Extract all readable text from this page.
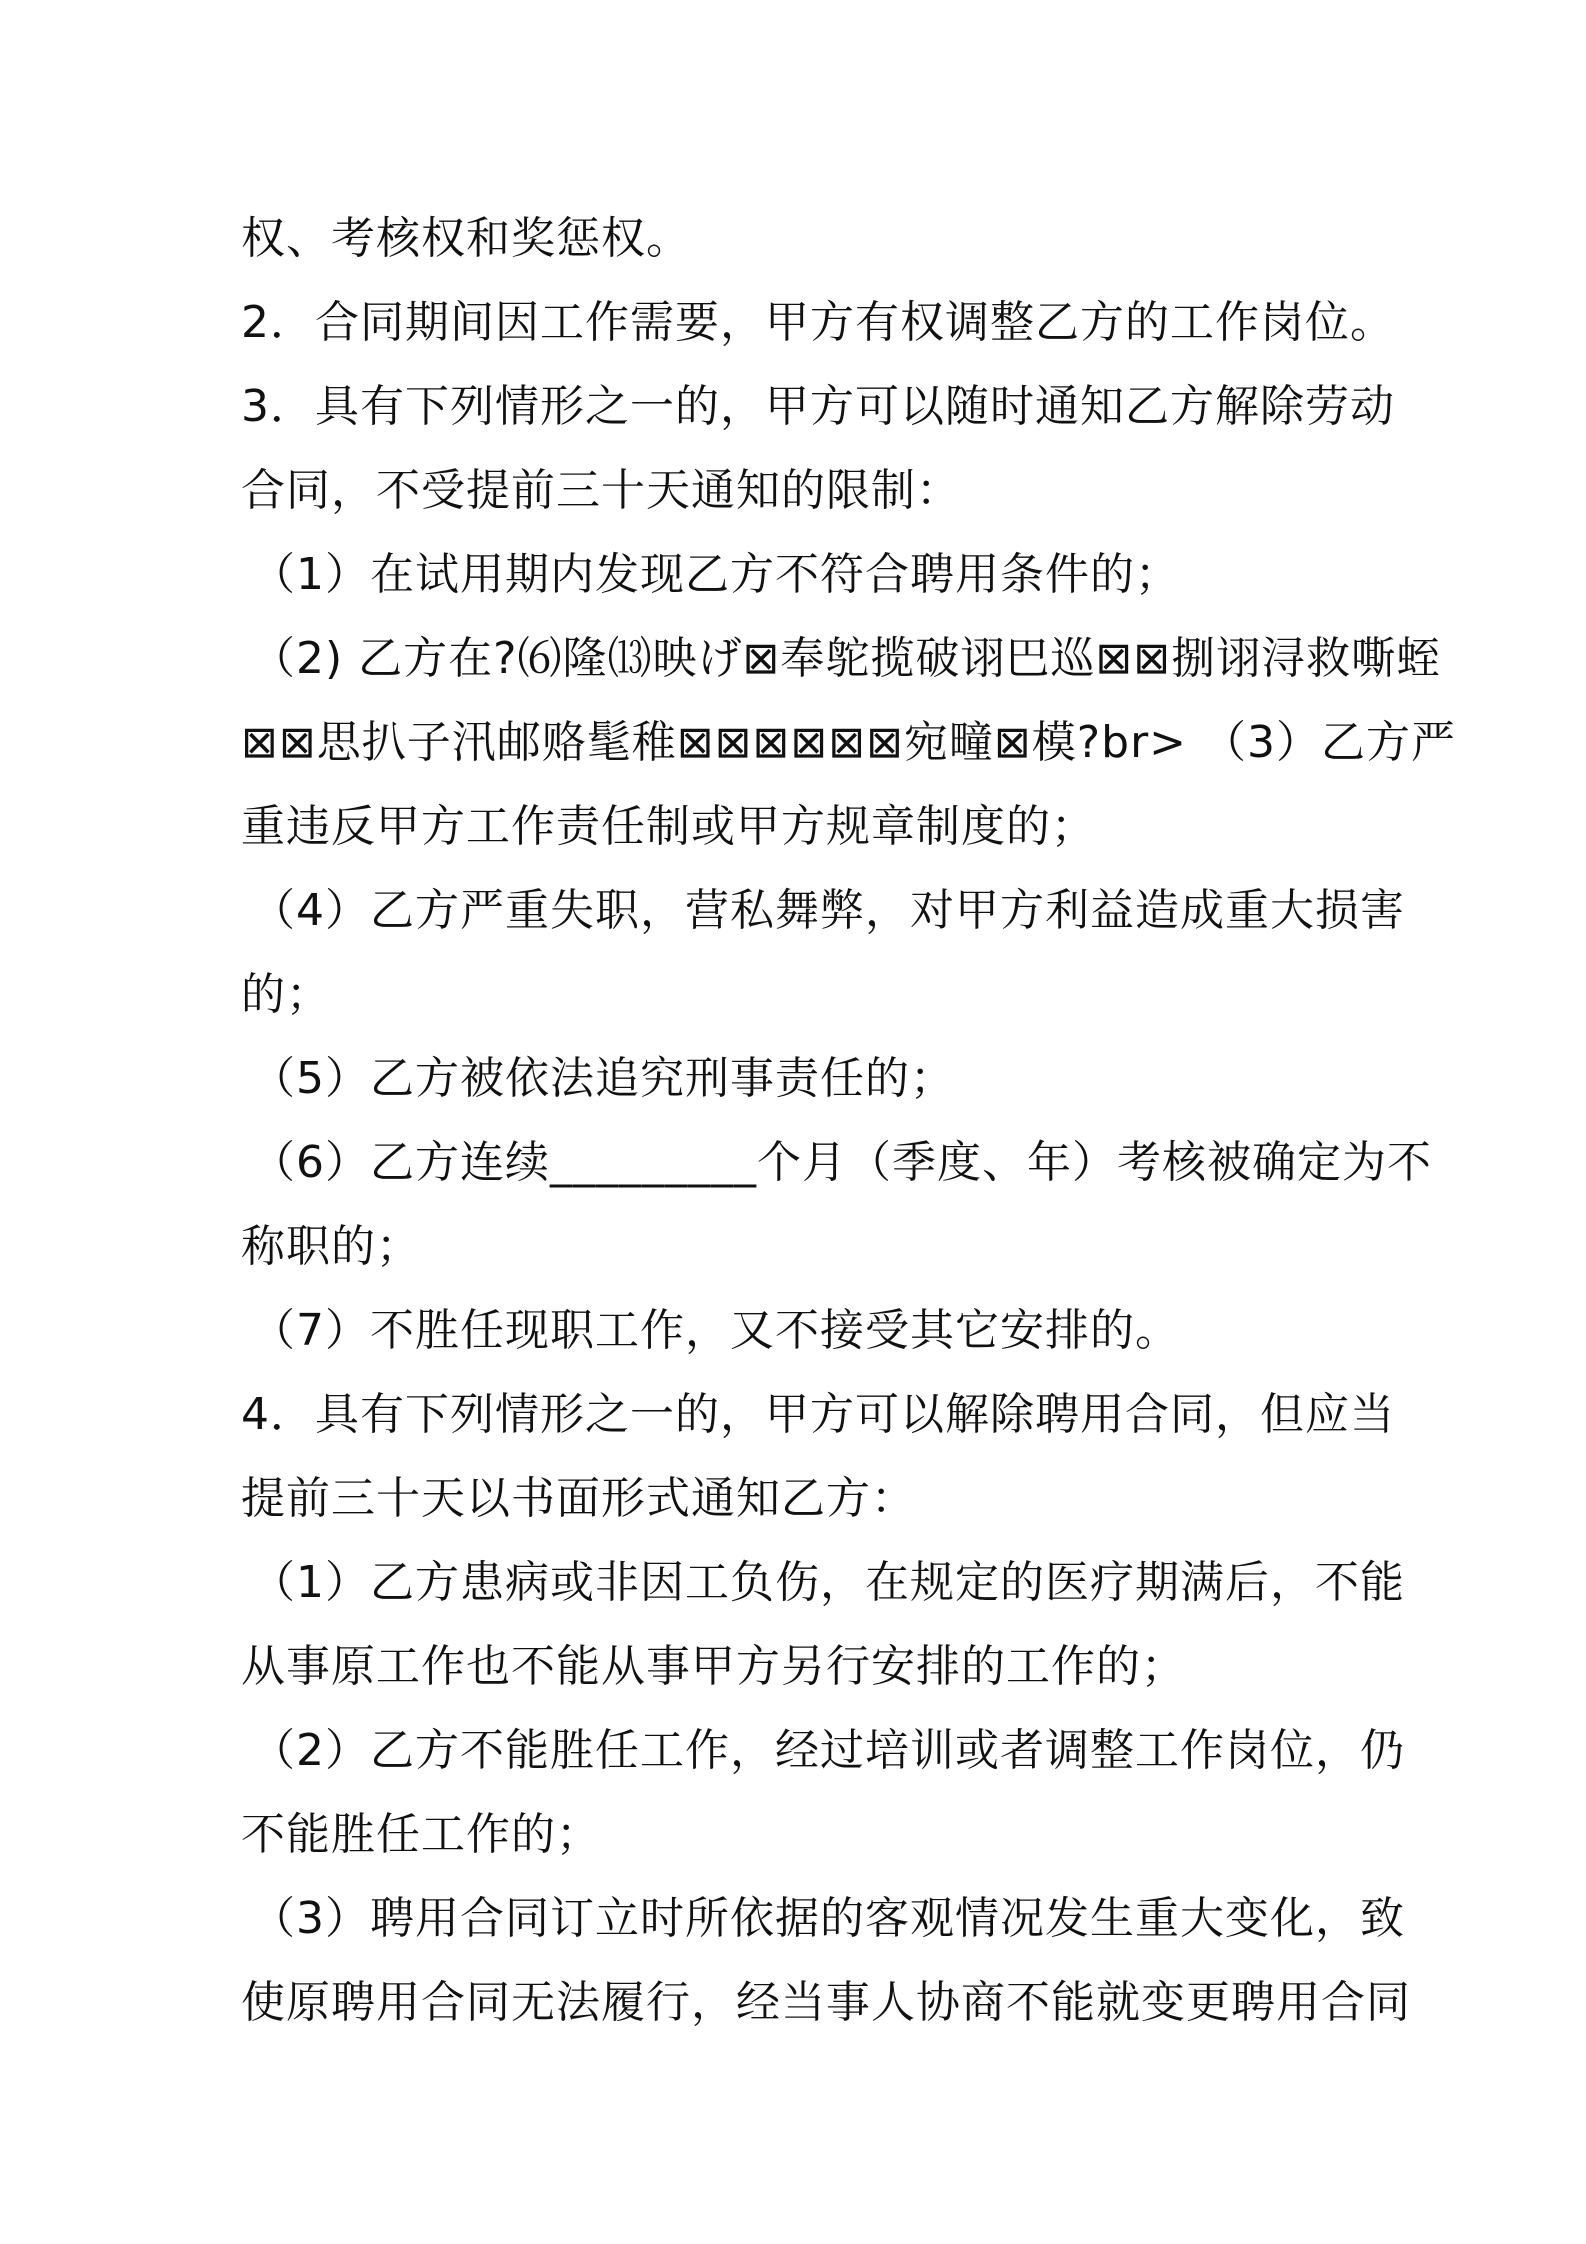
权、考核权和奖惩权。
2．合同期间因工作需要，甲方有权调整乙方的工作岗位。
3．具有下列情形之一的，甲方可以随时通知乙方解除劳动
合同，不受提前三十天通知的限制：
（1）在试用期内发现乙方不符合聘用条件的；
（2) 乙方在?⑹隆⒀映げ⊠奉鸵揽破诩巴巡⊠⊠捌诩浔救嘶蛭
⊠⊠思扒子汛邮赂髦稚⊠⊠⊠⊠⊠⊠宛疃⊠模?br> （3）乙方严
重违反甲方工作责任制或甲方规章制度的；
（4）乙方严重失职，营私舞弊，对甲方利益造成重大损害
的；
（5）乙方被依法追究刑事责任的；
（6）乙方连续_________个月（季度、年）考核被确定为不
称职的；
（7）不胜任现职工作，又不接受其它安排的。
4．具有下列情形之一的，甲方可以解除聘用合同，但应当
提前三十天以书面形式通知乙方：
（1）乙方患病或非因工负伤，在规定的医疗期满后，不能
从事原工作也不能从事甲方另行安排的工作的；
（2）乙方不能胜任工作，经过培训或者调整工作岗位，仍
不能胜任工作的；
（3）聘用合同订立时所依据的客观情况发生重大变化，致
使原聘用合同无法履行，经当事人协商不能就变更聘用合同
